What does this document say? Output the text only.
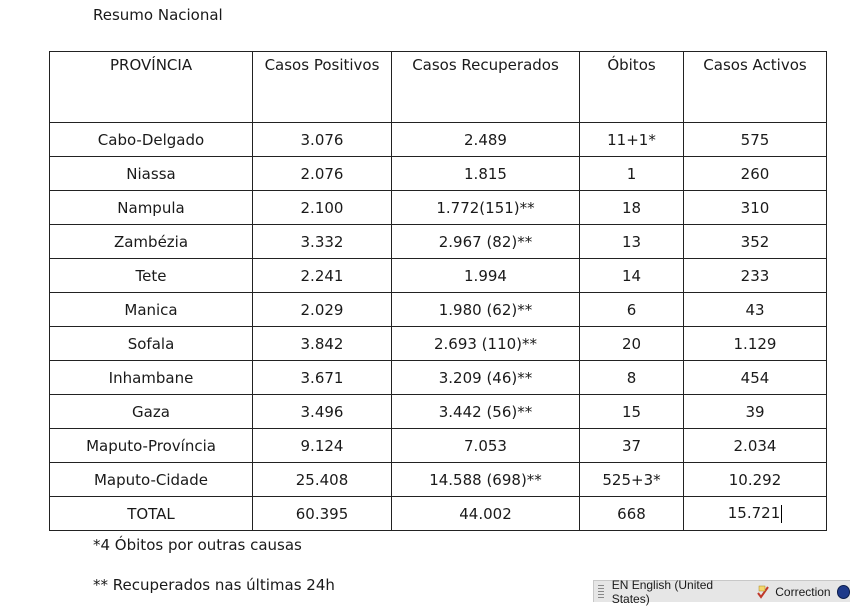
Resumo Nacional
PROVÍNCIA	Casos Positivos	Casos Recuperados	Óbitos	Casos Activos
Cabo-Delgado	3.076	2.489	11+1*	575
Niassa	2.076	1.815	1	260
Nampula	2.100	1.772(151)**	18	310
Zambézia	3.332	2.967 (82)**	13	352
Tete	2.241	1.994	14	233
Manica	2.029	1.980 (62)**	6	43
Sofala	3.842	2.693 (110)**	20	1.129
Inhambane	3.671	3.209 (46)**	8	454
Gaza	3.496	3.442 (56)**	15	39
Maputo-Província	9.124	7.053	37	2.034
Maputo-Cidade	25.408	14.588 (698)**	525+3*	10.292
TOTAL	60.395	44.002	668	15.721
*4 Óbitos por outras causas
** Recuperados nas últimas 24h	EN English (United States)	Correction
